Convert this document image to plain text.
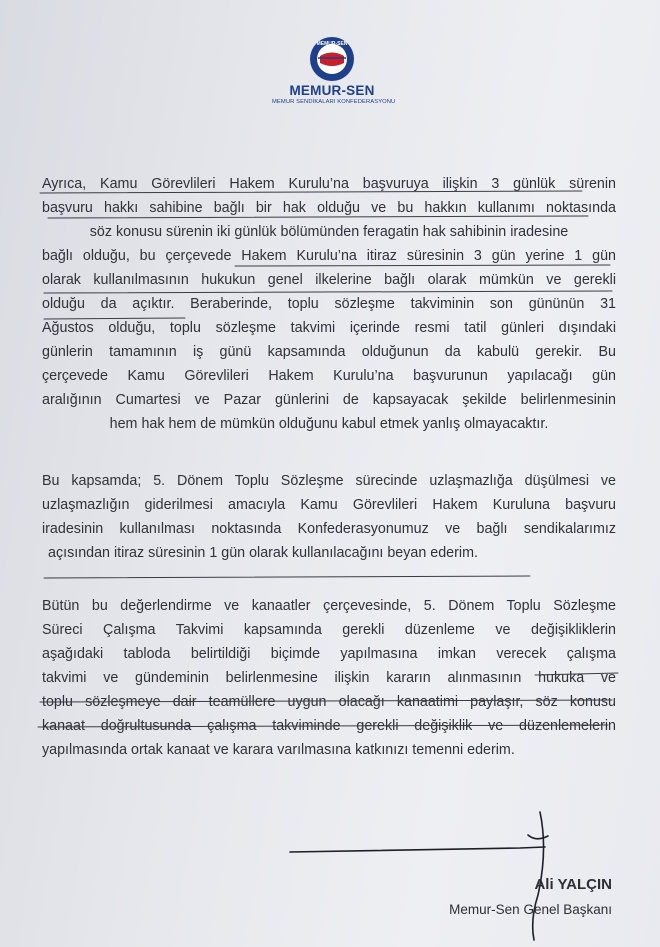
MEMUR-SEN
MEMUR-SEN
MEMUR SENDİKALARI KONFEDERASYONU
Ayrıca, Kamu Görevlileri Hakem Kurulu’na başvuruya ilişkin 3 günlük sürenin
başvuru hakkı sahibine bağlı bir hak olduğu ve bu hakkın kullanımı noktasında
söz konusu sürenin iki günlük bölümünden feragatin hak sahibinin iradesine
bağlı olduğu, bu çerçevede Hakem Kurulu’na itiraz süresinin 3 gün yerine 1 gün
olarak kullanılmasının hukukun genel ilkelerine bağlı olarak mümkün ve gerekli
olduğu da açıktır. Beraberinde, toplu sözleşme takviminin son gününün 31
Ağustos olduğu, toplu sözleşme takvimi içerinde resmi tatil günleri dışındaki
günlerin tamamının iş günü kapsamında olduğunun da kabulü gerekir. Bu
çerçevede Kamu Görevlileri Hakem Kurulu’na başvurunun yapılacağı gün
aralığının Cumartesi ve Pazar günlerini de kapsayacak şekilde belirlenmesinin
hem hak hem de mümkün olduğunu kabul etmek yanlış olmayacaktır.
Bu kapsamda; 5. Dönem Toplu Sözleşme sürecinde uzlaşmazlığa düşülmesi ve
uzlaşmazlığın giderilmesi amacıyla Kamu Görevlileri Hakem Kuruluna başvuru
iradesinin kullanılması noktasında Konfederasyonumuz ve bağlı sendikalarımız
açısından itiraz süresinin 1 gün olarak kullanılacağını beyan ederim.
Bütün bu değerlendirme ve kanaatler çerçevesinde, 5. Dönem Toplu Sözleşme
Süreci Çalışma Takvimi kapsamında gerekli düzenleme ve değişikliklerin
aşağıdaki tabloda belirtildiği biçimde yapılmasına imkan verecek çalışma
takvimi ve gündeminin belirlenmesine ilişkin kararın alınmasının hukuka ve
toplu sözleşmeye dair teamüllere uygun olacağı kanaatimi paylaşır, söz konusu
kanaat doğrultusunda çalışma takviminde gerekli değişiklik ve düzenlemelerin
yapılmasında ortak kanaat ve karara varılmasına katkınızı temenni ederim.
Ali YALÇIN
Memur-Sen Genel Başkanı
